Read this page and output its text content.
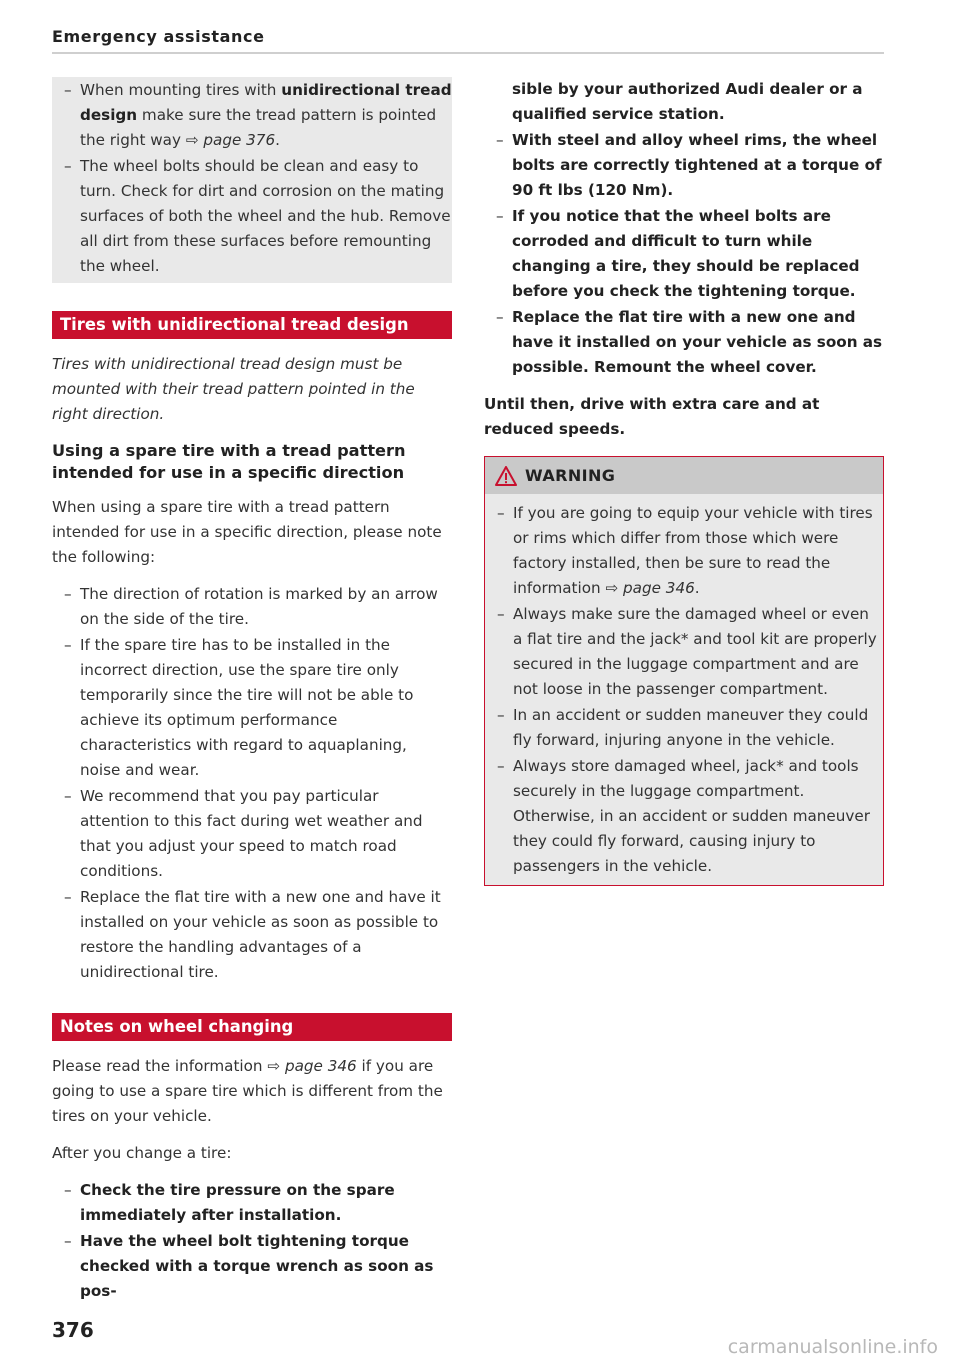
Emergency assistance
– When mounting tires with unidirectional tread design make sure the tread pattern is pointed the right way ⇨ page 376.
– The wheel bolts should be clean and easy to turn. Check for dirt and corrosion on the mating surfaces of both the wheel and the hub. Remove all dirt from these surfaces before remounting the wheel.
Tires with unidirectional tread design

Tires with unidirectional tread design must be mounted with their tread pattern pointed in the right direction.

Using a spare tire with a tread pattern intended for use in a specific direction

When using a spare tire with a tread pattern intended for use in a specific direction, please note the following:

– The direction of rotation is marked by an arrow on the side of the tire.
– If the spare tire has to be installed in the incorrect direction, use the spare tire only temporarily since the tire will not be able to achieve its optimum performance characteristics with regard to aquaplaning, noise and wear.
– We recommend that you pay particular attention to this fact during wet weather and that you adjust your speed to match road conditions.
– Replace the flat tire with a new one and have it installed on your vehicle as soon as possible to restore the handling advantages of a unidirectional tire.
Notes on wheel changing

Please read the information ⇨ page 346 if you are going to use a spare tire which is different from the tires on your vehicle.

After you change a tire:

– Check the tire pressure on the spare immediately after installation.
– Have the wheel bolt tightening torque checked with a torque wrench as soon as pos-
sible by your authorized Audi dealer or a qualified service station.
– With steel and alloy wheel rims, the wheel bolts are correctly tightened at a torque of 90 ft lbs (120 Nm).
– If you notice that the wheel bolts are corroded and difficult to turn while changing a tire, they should be replaced before you check the tightening torque.
– Replace the flat tire with a new one and have it installed on your vehicle as soon as possible. Remount the wheel cover.

Until then, drive with extra care and at reduced speeds.

WARNING
– If you are going to equip your vehicle with tires or rims which differ from those which were factory installed, then be sure to read the information ⇨ page 346.
– Always make sure the damaged wheel or even a flat tire and the jack* and tool kit are properly secured in the luggage compartment and are not loose in the passenger compartment.
– In an accident or sudden maneuver they could fly forward, injuring anyone in the vehicle.
– Always store damaged wheel, jack* and tools securely in the luggage compartment. Otherwise, in an accident or sudden maneuver they could fly forward, causing injury to passengers in the vehicle.
376
carmanualsonline.info
